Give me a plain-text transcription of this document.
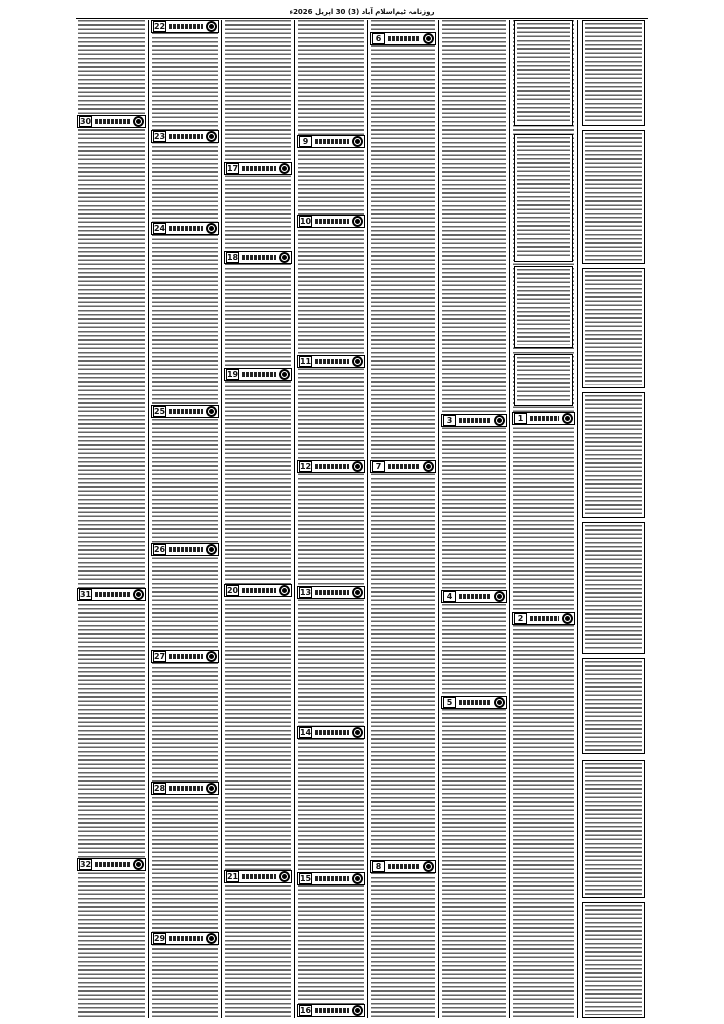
روزنامہ ٹیم‌اسلام آباد (3) 30 اپریل 2026ء
30
31
32
22
23
24
25
26
27
28
29
17
18
19
20
21
9
10
11
12
13
14
15
16
6
7
8
3
4
5
1
2
